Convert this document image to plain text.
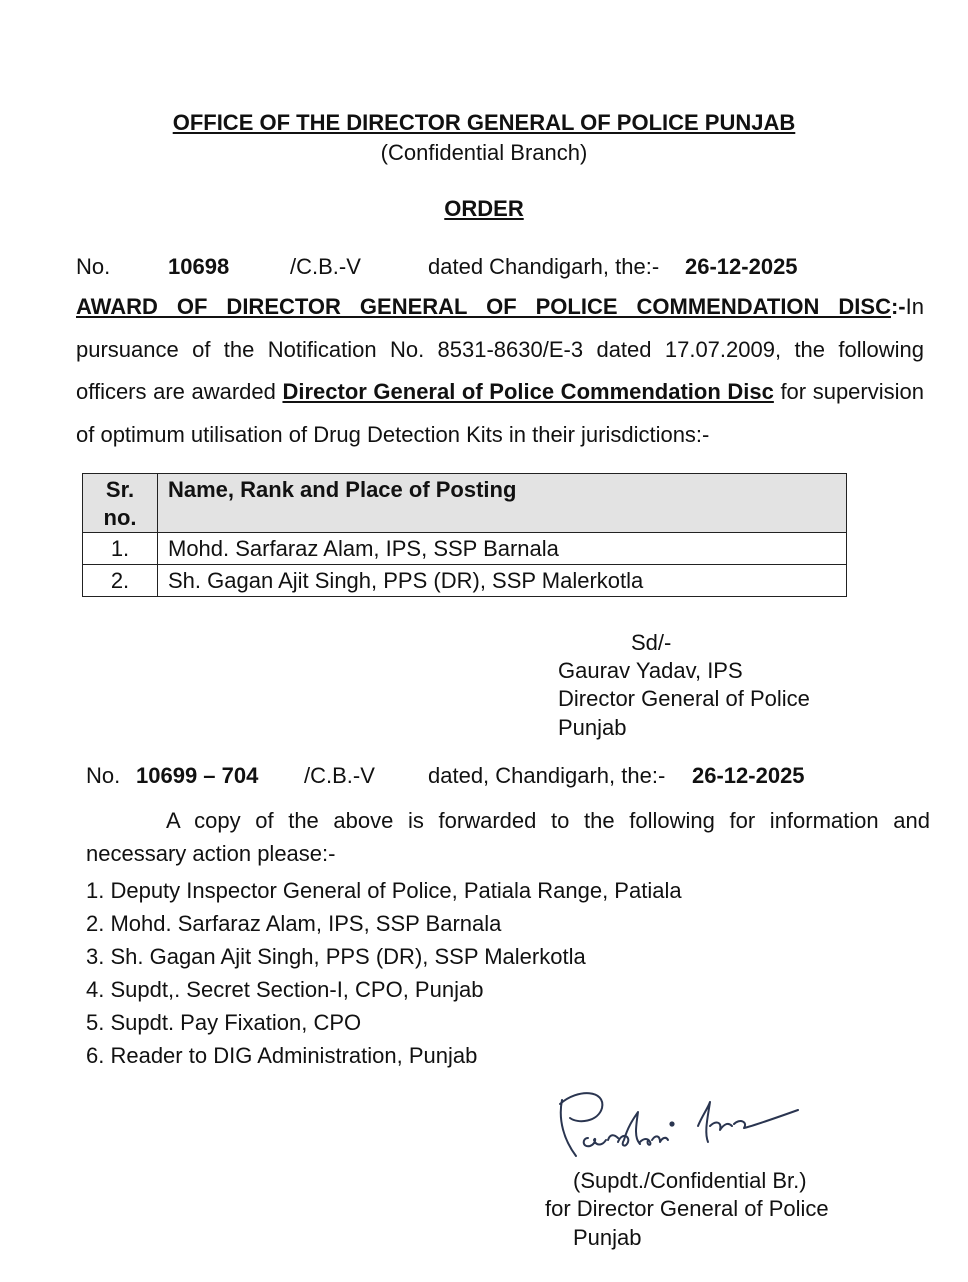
OFFICE OF THE DIRECTOR GENERAL OF POLICE PUNJAB
(Confidential Branch)
ORDER
No.	10698	/C.B.-V	dated Chandigarh, the:- 26-12-2025
AWARD OF DIRECTOR GENERAL OF POLICE COMMENDATION DISC:-In pursuance of the Notification No. 8531-8630/E-3 dated 17.07.2009, the following officers are awarded Director General of Police Commendation Disc for supervision of optimum utilisation of Drug Detection Kits in their jurisdictions:-
Sr. no.	Name, Rank and Place of Posting
1.	Mohd. Sarfaraz Alam, IPS, SSP Barnala
2.	Sh. Gagan Ajit Singh, PPS (DR), SSP Malerkotla
Sd/-
Gaurav Yadav, IPS
Director General of Police
Punjab
No. 10699 – 704 /C.B.-V dated, Chandigarh, the:- 26-12-2025
A copy of the above is forwarded to the following for information and necessary action please:-
1. Deputy Inspector General of Police, Patiala Range, Patiala
2. Mohd. Sarfaraz Alam, IPS, SSP Barnala
3. Sh. Gagan Ajit Singh, PPS (DR), SSP Malerkotla
4. Supdt,. Secret Section-I, CPO, Punjab
5. Supdt. Pay Fixation, CPO
6. Reader to DIG Administration, Punjab
(Supdt./Confidential Br.)
for Director General of Police
Punjab
